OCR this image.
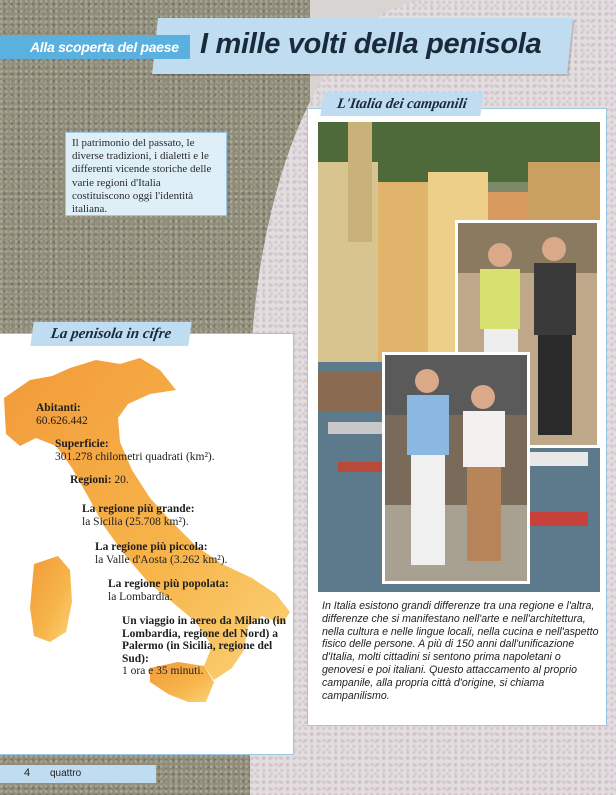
Alla scoperta del paese I mille volti della penisola
Il patrimonio del passato, le diverse tradizioni, i dialetti e le differenti vicende storiche delle varie regioni d'Italia costituiscono oggi l'identità italiana.
La penisola in cifre
Abitanti:
60.626.442
Superficie:
301.278 chilometri quadrati (km²).
Regioni: 20.
La regione più grande:
la Sicilia (25.708 km²).
La regione più piccola:
la Valle d'Aosta (3.262 km²).
La regione più popolata:
la Lombardia.
Un viaggio in aereo da Milano (in Lombardia, regione del Nord) a Palermo (in Sicilia, regione del Sud):
1 ora e 35 minuti.
L'Italia dei campanili
In Italia esistono grandi differenze tra una regione e l'altra, differenze che si manifestano nell'arte e nell'architettura, nella cultura e nelle lingue locali, nella cucina e nell'aspetto fisico delle persone. A più di 150 anni dall'unificazione d'Italia, molti cittadini si sentono prima napoletani o genovesi e poi italiani. Questo attaccamento al proprio campanile, alla propria città d'origine, si chiama campanilismo.
4 quattro
